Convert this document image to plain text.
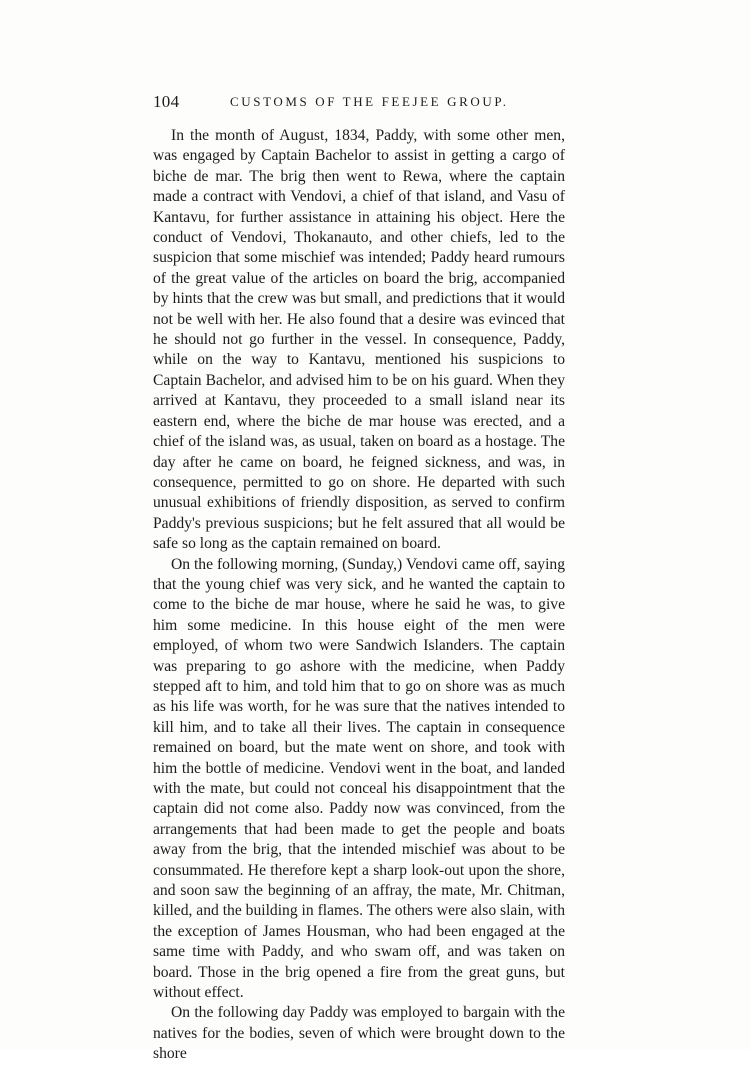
104	CUSTOMS OF THE FEEJEE GROUP.

In the month of August, 1834, Paddy, with some other men, was engaged by Captain Bachelor to assist in getting a cargo of biche de mar. The brig then went to Rewa, where the captain made a contract with Vendovi, a chief of that island, and Vasu of Kantavu, for further assistance in attaining his object. Here the conduct of Vendovi, Thokanauto, and other chiefs, led to the suspicion that some mischief was intended; Paddy heard rumours of the great value of the articles on board the brig, accompanied by hints that the crew was but small, and predictions that it would not be well with her. He also found that a desire was evinced that he should not go further in the vessel. In consequence, Paddy, while on the way to Kantavu, mentioned his suspicions to Captain Bachelor, and advised him to be on his guard. When they arrived at Kantavu, they proceeded to a small island near its eastern end, where the biche de mar house was erected, and a chief of the island was, as usual, taken on board as a hostage. The day after he came on board, he feigned sickness, and was, in consequence, permitted to go on shore. He departed with such unusual exhibitions of friendly disposition, as served to confirm Paddy's previous suspicions; but he felt assured that all would be safe so long as the captain remained on board.

On the following morning, (Sunday,) Vendovi came off, saying that the young chief was very sick, and he wanted the captain to come to the biche de mar house, where he said he was, to give him some medicine. In this house eight of the men were employed, of whom two were Sandwich Islanders. The captain was preparing to go ashore with the medicine, when Paddy stepped aft to him, and told him that to go on shore was as much as his life was worth, for he was sure that the natives intended to kill him, and to take all their lives. The captain in consequence remained on board, but the mate went on shore, and took with him the bottle of medicine. Vendovi went in the boat, and landed with the mate, but could not conceal his disappointment that the captain did not come also. Paddy now was convinced, from the arrangements that had been made to get the people and boats away from the brig, that the intended mischief was about to be consummated. He therefore kept a sharp look-out upon the shore, and soon saw the beginning of an affray, the mate, Mr. Chitman, killed, and the building in flames. The others were also slain, with the exception of James Housman, who had been engaged at the same time with Paddy, and who swam off, and was taken on board. Those in the brig opened a fire from the great guns, but without effect.

On the following day Paddy was employed to bargain with the natives for the bodies, seven of which were brought down to the shore
